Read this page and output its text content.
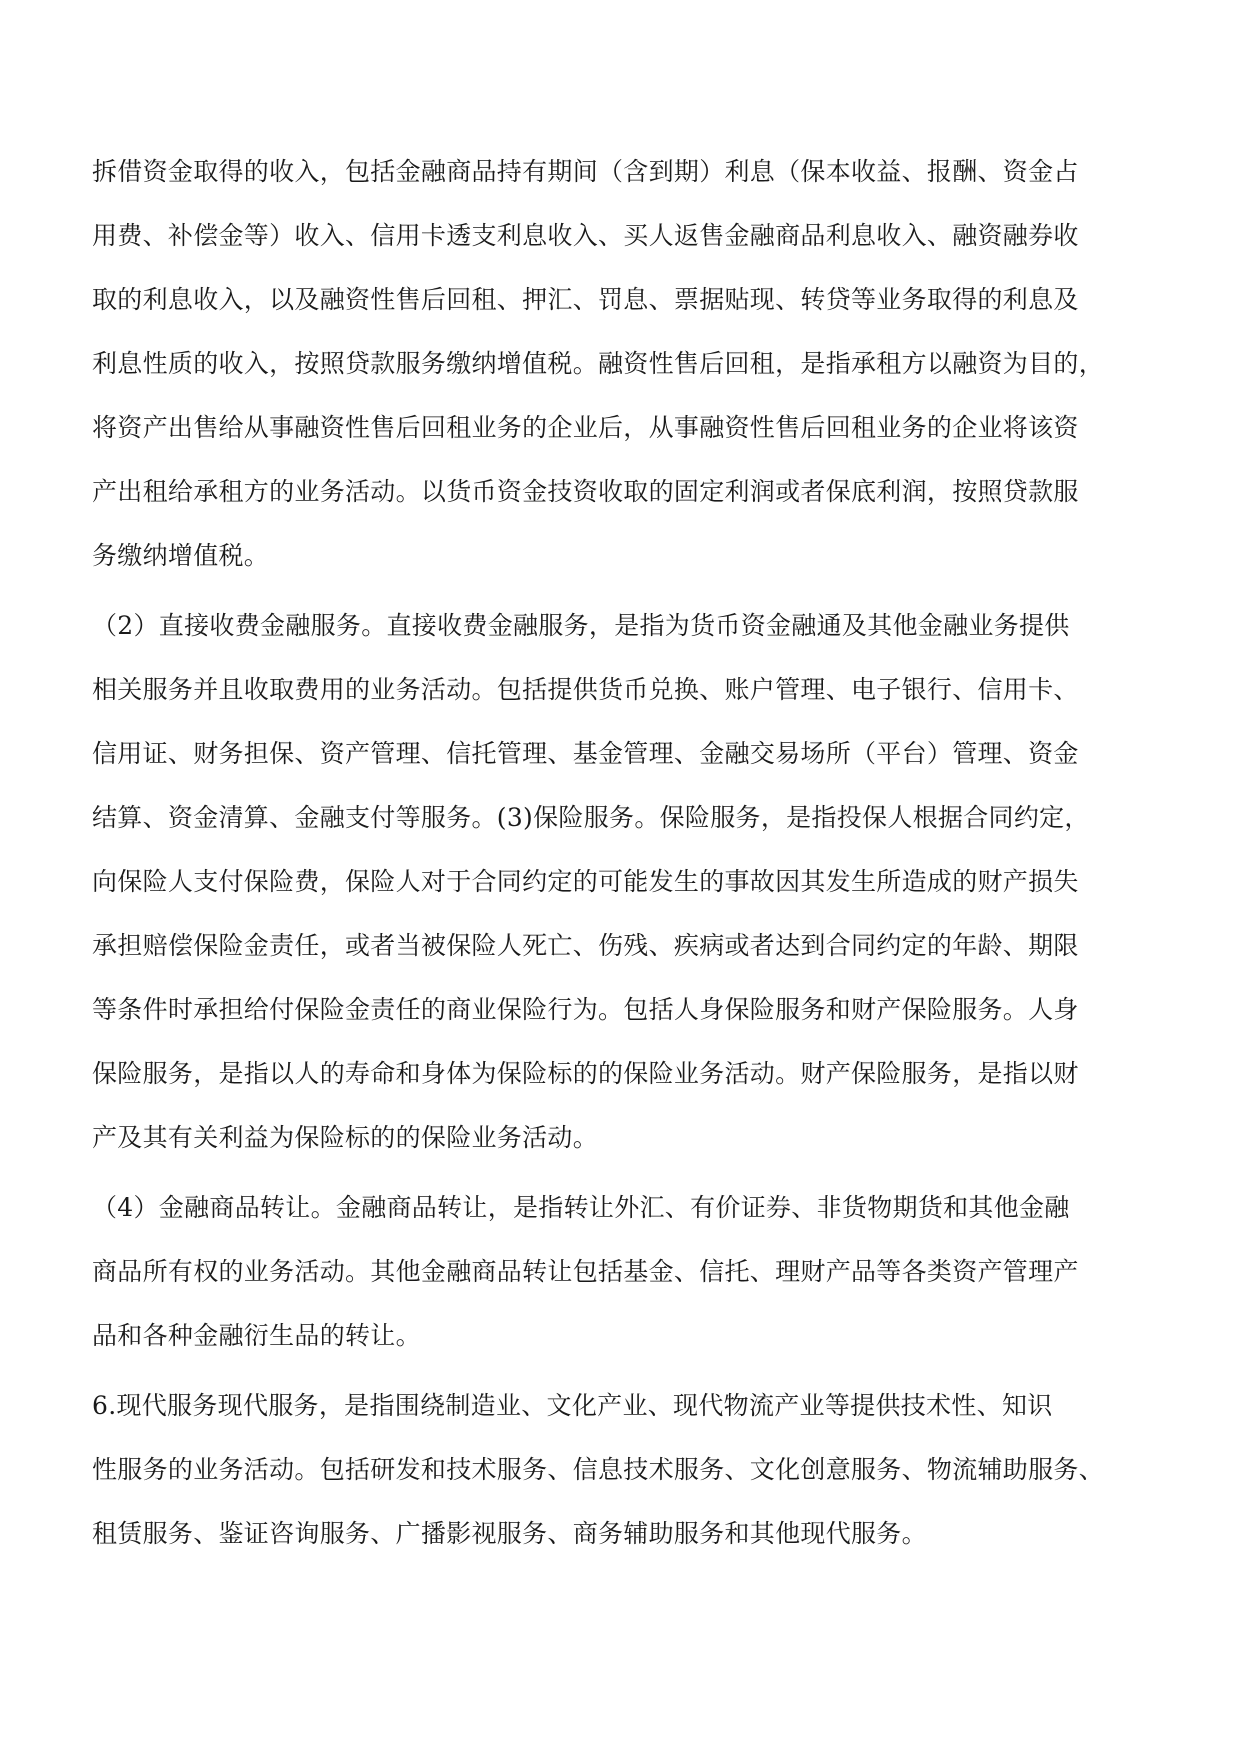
拆借资金取得的收入，包括金融商品持有期间（含到期）利息（保本收益、报酬、资金占
用费、补偿金等）收入、信用卡透支利息收入、买人返售金融商品利息收入、融资融券收
取的利息收入，以及融资性售后回租、押汇、罚息、票据贴现、转贷等业务取得的利息及
利息性质的收入，按照贷款服务缴纳增值税。融资性售后回租，是指承租方以融资为目的，
将资产出售给从事融资性售后回租业务的企业后，从事融资性售后回租业务的企业将该资
产出租给承租方的业务活动。以货币资金技资收取的固定利润或者保底利润，按照贷款服
务缴纳增值税。
（2）直接收费金融服务。直接收费金融服务，是指为货币资金融通及其他金融业务提供
相关服务并且收取费用的业务活动。包括提供货币兑换、账户管理、电子银行、信用卡、
信用证、财务担保、资产管理、信托管理、基金管理、金融交易场所（平台）管理、资金
结算、资金清算、金融支付等服务。(3)保险服务。保险服务，是指投保人根据合同约定，
向保险人支付保险费，保险人对于合同约定的可能发生的事故因其发生所造成的财产损失
承担赔偿保险金责任，或者当被保险人死亡、伤残、疾病或者达到合同约定的年龄、期限
等条件时承担给付保险金责任的商业保险行为。包括人身保险服务和财产保险服务。人身
保险服务，是指以人的寿命和身体为保险标的的保险业务活动。财产保险服务，是指以财
产及其有关利益为保险标的的保险业务活动。
（4）金融商品转让。金融商品转让，是指转让外汇、有价证券、非货物期货和其他金融
商品所有权的业务活动。其他金融商品转让包括基金、信托、理财产品等各类资产管理产
品和各种金融衍生品的转让。
6.现代服务现代服务，是指围绕制造业、文化产业、现代物流产业等提供技术性、知识
性服务的业务活动。包括研发和技术服务、信息技术服务、文化创意服务、物流辅助服务、
租赁服务、鉴证咨询服务、广播影视服务、商务辅助服务和其他现代服务。
